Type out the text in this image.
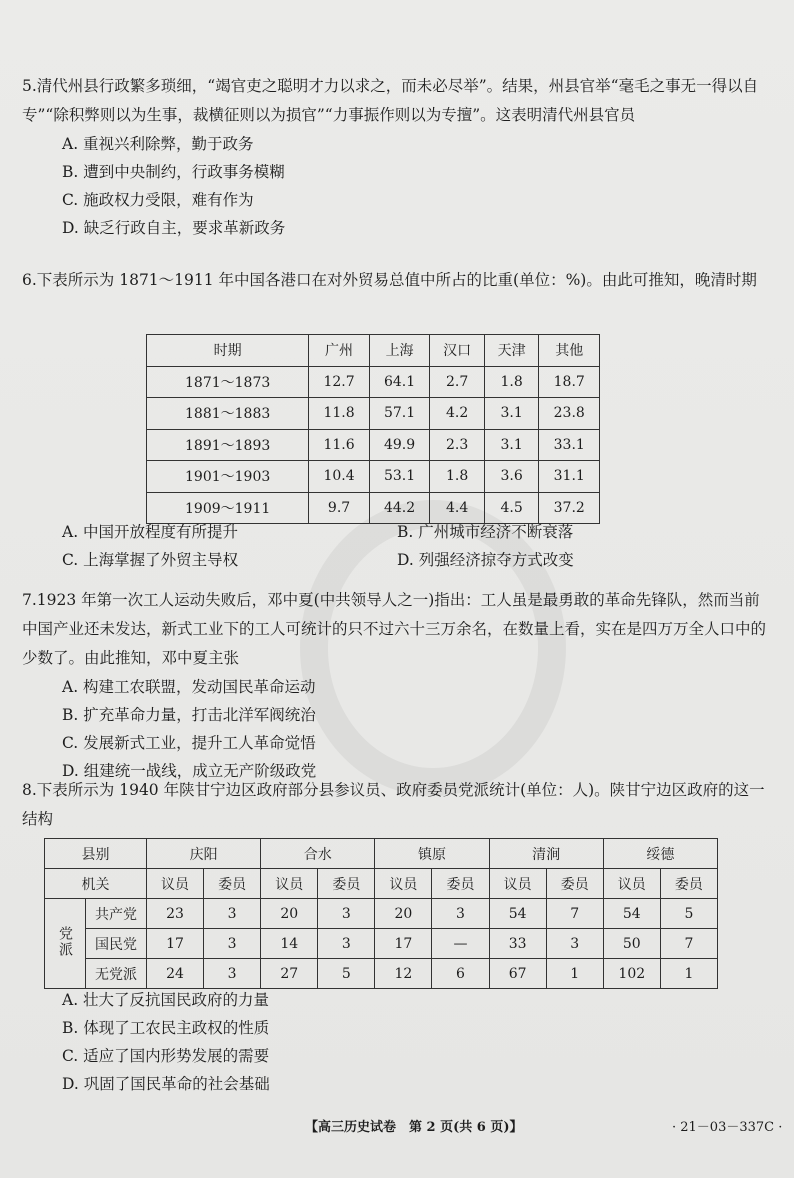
5.清代州县行政繁多琐细，“竭官吏之聪明才力以求之，而未必尽举”。结果，州县官举“毫毛之事无一得以自专”“除积弊则以为生事，裁横征则以为损官”“力事振作则以为专擅”。这表明清代州县官员

A. 重视兴利除弊，勤于政务

B. 遭到中央制约，行政事务模糊

C. 施政权力受限，难有作为

D. 缺乏行政自主，要求革新政务

6.下表所示为 1871～1911 年中国各港口在对外贸易总值中所占的比重(单位：%)。由此可推知，晚清时期

时期	广州	上海	汉口	天津	其他
1871～1873	12.7	64.1	2.7	1.8	18.7
1881～1883	11.8	57.1	4.2	3.1	23.8
1891～1893	11.6	49.9	2.3	3.1	33.1
1901～1903	10.4	53.1	1.8	3.6	31.1
1909～1911	9.7	44.2	4.4	4.5	37.2
A. 中国开放程度有所提升	B. 广州城市经济不断衰落
C. 上海掌握了外贸主导权	D. 列强经济掠夺方式改变

7.1923 年第一次工人运动失败后，邓中夏(中共领导人之一)指出：工人虽是最勇敢的革命先锋队，然而当前中国产业还未发达，新式工业下的工人可统计的只不过六十三万余名，在数量上看，实在是四万万全人口中的少数了。由此推知，邓中夏主张

A. 构建工农联盟，发动国民革命运动

B. 扩充革命力量，打击北洋军阀统治

C. 发展新式工业，提升工人革命觉悟

D. 组建统一战线，成立无产阶级政党

8.下表所示为 1940 年陕甘宁边区政府部分县参议员、政府委员党派统计(单位：人)。陕甘宁边区政府的这一结构

县别		庆阳		合水		镇原		清涧		绥德	
机关		议员	委员	议员	委员	议员	委员	议员	委员	议员	委员
党派	共产党	23	3	20	3	20	3	54	7	54	5
	国民党	17	3	14	3	17	—	33	3	50	7
	无党派	24	3	27	5	12	6	67	1	102	1

A. 壮大了反抗国民政府的力量

B. 体现了工农民主政权的性质

C. 适应了国内形势发展的需要

D. 巩固了国民革命的社会基础

【高三历史试卷　第 2 页(共 6 页)】	· 21－03－337C ·
